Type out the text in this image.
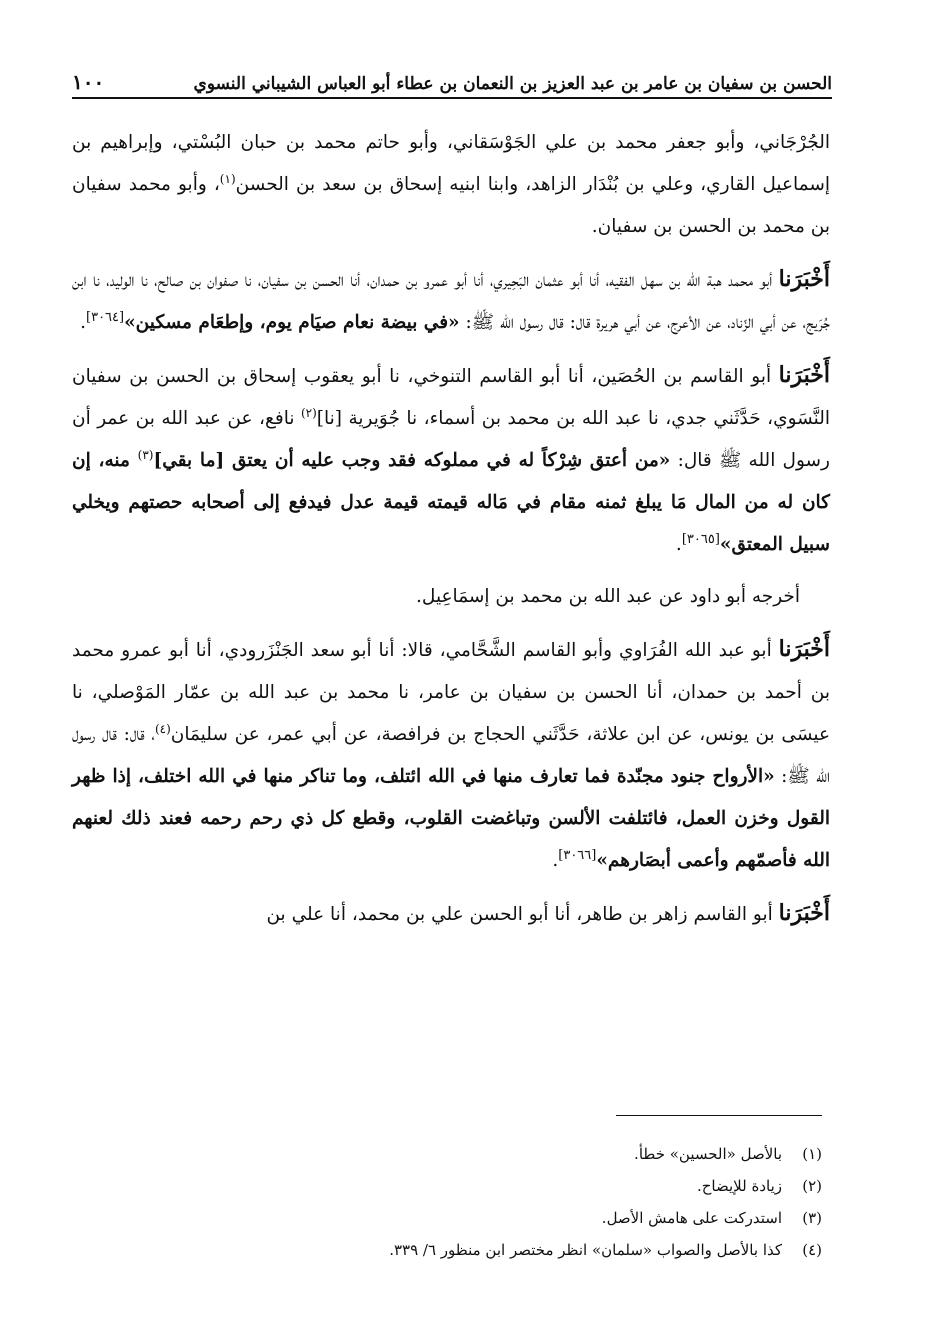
الحسن بن سفيان بن عامر بن عبد العزيز بن النعمان بن عطاء أبو العباس الشيباني النسوي
١٠٠

الجُرْجَاني، وأبو جعفر محمد بن علي الجَوْسَقاني، وأبو حاتم محمد بن حبان البُسْتي، وإبراهيم بن إسماعيل القاري، وعلي بن بُنْدَار الزاهد، وابنا ابنيه إسحاق بن سعد بن الحسن$^{(١)}$، وأبو محمد سفيان بن محمد بن الحسن بن سفيان.

أَخْبَرَنا أبو محمد هبة الله بن سهل الفقيه، أنا أبو عثمان البَحِيري، أنا أبو عمرو بن حمدان، أنا الحسن بن سفيان، نا صفوان بن صالح، نا الوليد، نا ابن جُرَيج، عن أبي الزّناد، عن الأعرج، عن أبي هريرة قال: قال رسول الله ﷺ: «في بيضة نعام صيَام يوم، وإطعَام مسكين»[٣٠٦٤].

أَخْبَرَنا أبو القاسم بن الحُصَين، أنا أبو القاسم التنوخي، نا أبو يعقوب إسحاق بن الحسن بن سفيان النَّسَوي، حَدَّثَني جدي، نا عبد الله بن محمد بن أسماء، نا جُوَيرية [نا]$^{(٢)}$ نافع، عن عبد الله بن عمر أن رسول الله ﷺ قال: «من أعتق شِرْكاً له في مملوكه فقد وجب عليه أن يعتق [ما بقي]$^{(٣)}$ منه، إن كان له من المال مَا يبلغ ثمنه مقام في مَاله قيمته قيمة عدل فيدفع إلى أصحابه حصتهم ويخلي سبيل المعتق»[٣٠٦٥].

أخرجه أبو داود عن عبد الله بن محمد بن إسمَاعِيل.

أَخْبَرَنا أبو عبد الله الفُرَاوي وأبو القاسم الشَّحَّامي، قالا: أنا أبو سعد الجَنْزَرودي، أنا أبو عمرو محمد بن أحمد بن حمدان، أنا الحسن بن سفيان بن عامر، نا محمد بن عبد الله بن عمّار المَوْصلي، نا عيسَى بن يونس، عن ابن علاثة، حَدَّثَني الحجاج بن فرافصة، عن أبي عمر، عن سليمَان$^{(٤)}$، قال: قال رسول الله ﷺ: «الأرواح جنود مجنّدة فما تعارف منها في الله ائتلف، وما تناكر منها في الله اختلف، إذا ظهر القول وخزن العمل، فائتلفت الألسن وتباغضت القلوب، وقطع كل ذي رحم رحمه فعند ذلك لعنهم الله فأصمّهم وأعمى أبصَارهم»[٣٠٦٦].

أَخْبَرَنا أبو القاسم زاهر بن طاهر، أنا أبو الحسن علي بن محمد، أنا علي بن

(١)
بالأصل «الحسين» خطأ.
(٢)
زيادة للإيضاح.
(٣)
استدركت على هامش الأصل.
(٤)
كذا بالأصل والصواب «سلمان» انظر مختصر ابن منظور ٦/ ٣٣٩.
